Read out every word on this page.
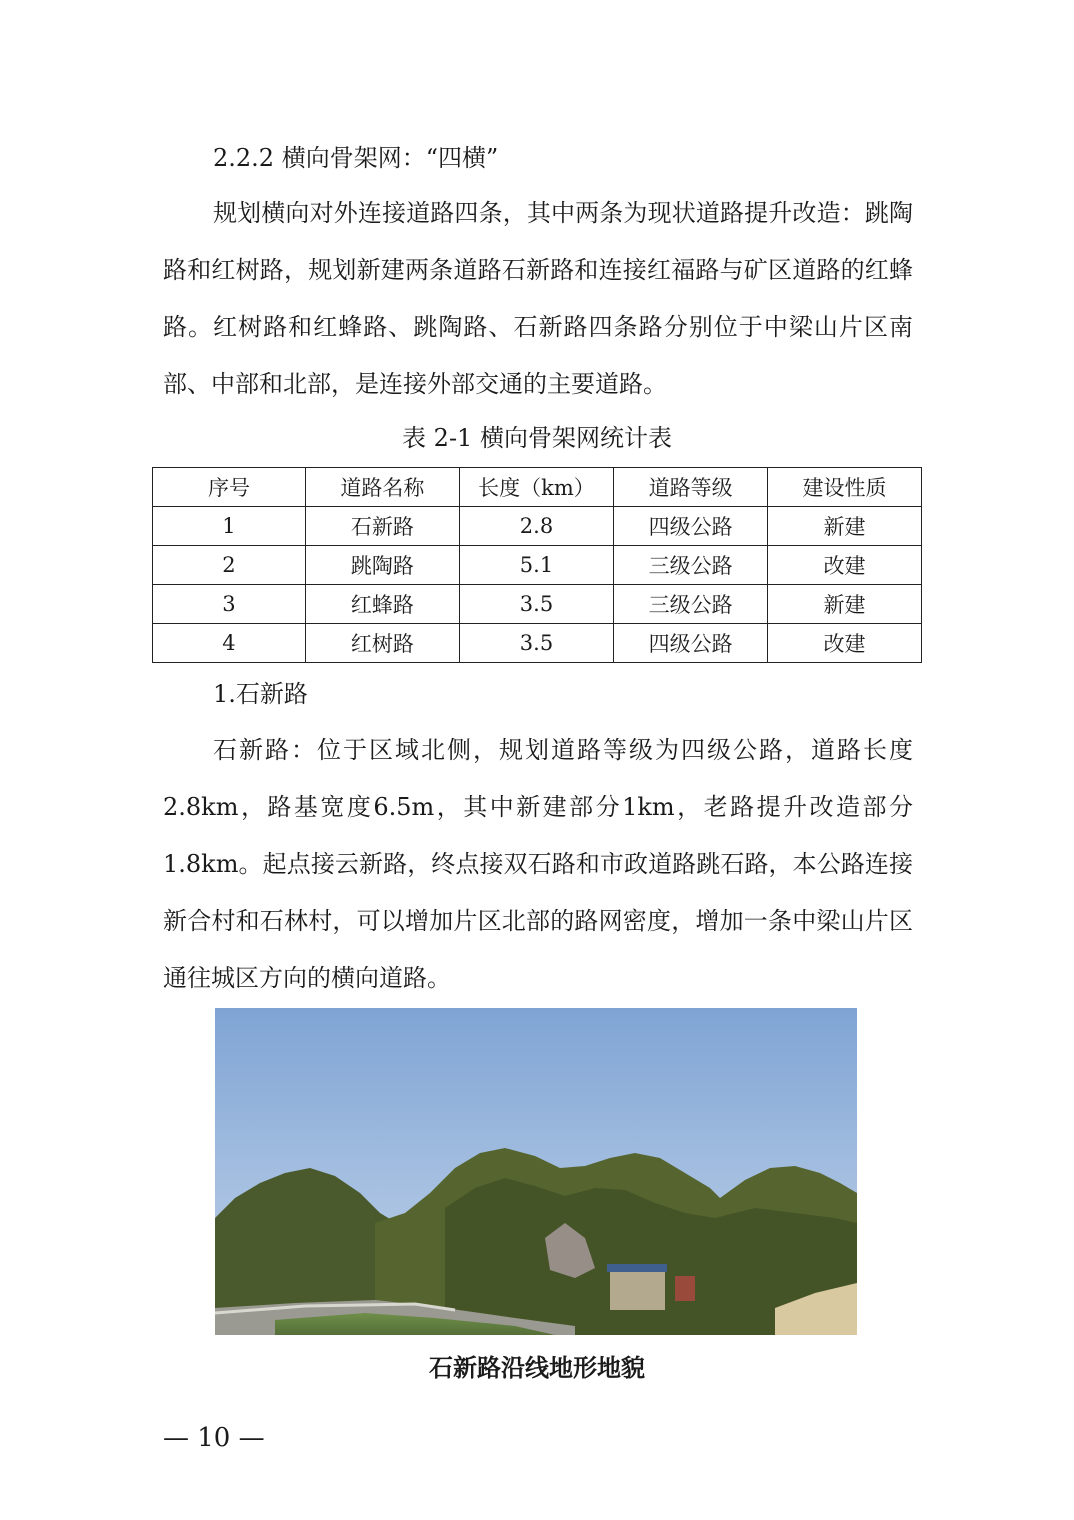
2.2.2 横向骨架网：“四横”

规划横向对外连接道路四条，其中两条为现状道路提升改造：跳陶路和红树路，规划新建两条道路石新路和连接红福路与矿区道路的红蜂路。红树路和红蜂路、跳陶路、石新路四条路分别位于中梁山片区南部、中部和北部，是连接外部交通的主要道路。

表 2-1 横向骨架网统计表

序号	道路名称	长度（km）	道路等级	建设性质
1	石新路	2.8	四级公路	新建
2	跳陶路	5.1	三级公路	改建
3	红蜂路	3.5	三级公路	新建
4	红树路	3.5	四级公路	改建
1.石新路

石新路：位于区域北侧，规划道路等级为四级公路，道路长度2.8km，路基宽度6.5m，其中新建部分1km，老路提升改造部分1.8km。起点接云新路，终点接双石路和市政道路跳石路，本公路连接新合村和石林村，可以增加片区北部的路网密度，增加一条中梁山片区通往城区方向的横向道路。

石新路沿线地形地貌

— 10 —
